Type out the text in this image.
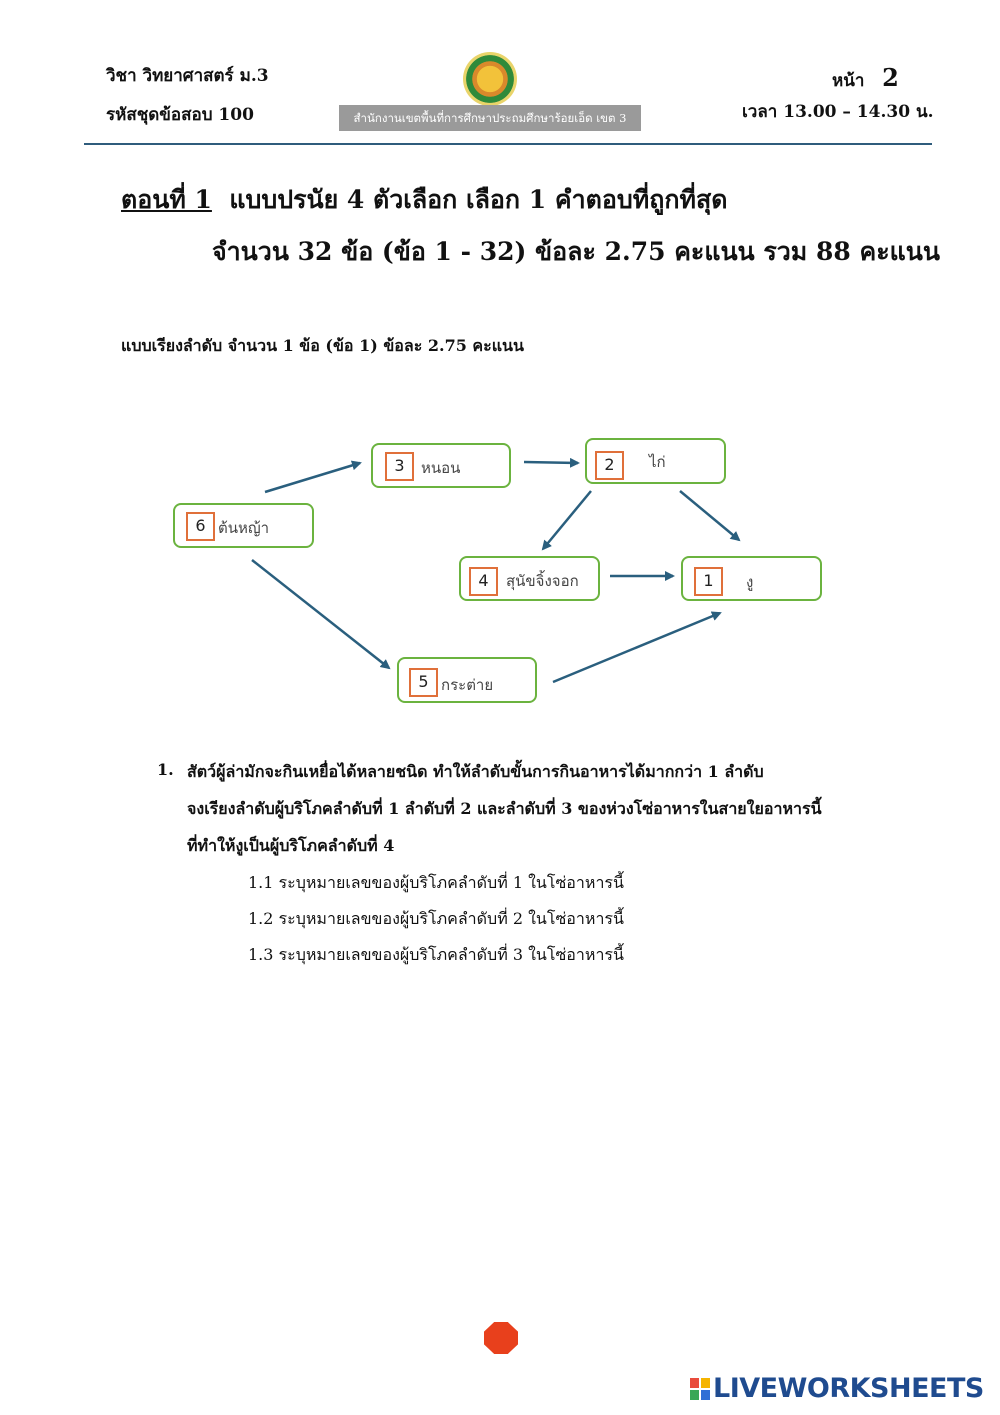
วิชา วิทยาศาสตร์ ม.3
รหัสชุดข้อสอบ 100	สำนักงานเขตพื้นที่การศึกษาประถมศึกษาร้อยเอ็ด เขต 3
หน้า 2
เวลา 13.00 – 14.30 น.
ตอนที่ 1 แบบปรนัย 4 ตัวเลือก เลือก 1 คำตอบที่ถูกที่สุด
จำนวน 32 ข้อ (ข้อ 1 - 32) ข้อละ 2.75 คะแนน รวม 88 คะแนน
แบบเรียงลำดับ จำนวน 1 ข้อ (ข้อ 1) ข้อละ 2.75 คะแนน
6 ต้นหญ้า
3	หนอน	2	ไก่
4	สุนัขจิ้งจอก	1	งู
5 กระต่าย
1. สัตว์ผู้ล่ามักจะกินเหยื่อได้หลายชนิด ทำให้ลำดับขั้นการกินอาหารได้มากกว่า 1 ลำดับ
จงเรียงลำดับผู้บริโภคลำดับที่ 1 ลำดับที่ 2 และลำดับที่ 3 ของห่วงโซ่อาหารในสายใยอาหารนี้
ที่ทำให้งูเป็นผู้บริโภคลำดับที่ 4
1.1 ระบุหมายเลขของผู้บริโภคลำดับที่ 1 ในโซ่อาหารนี้
1.2 ระบุหมายเลขของผู้บริโภคลำดับที่ 2 ในโซ่อาหารนี้
1.3 ระบุหมายเลขของผู้บริโภคลำดับที่ 3 ในโซ่อาหารนี้
LIVEWORKSHEETS
